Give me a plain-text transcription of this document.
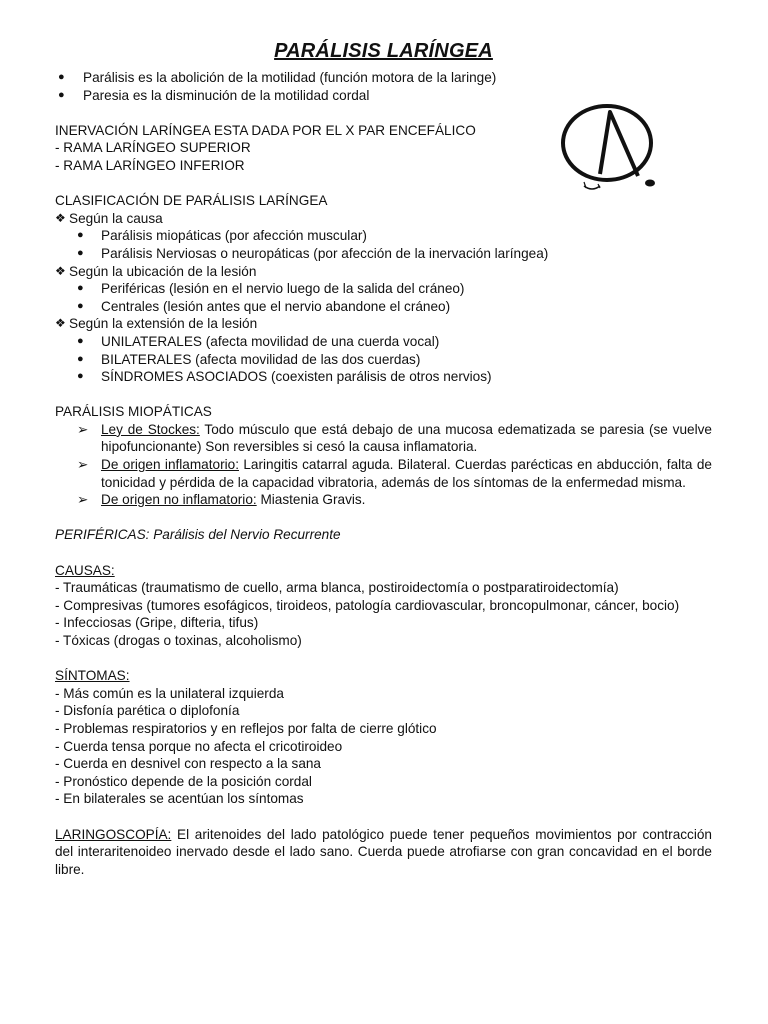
PARÁLISIS LARÍNGEA
● Parálisis es la abolición de la motilidad (función motora de la laringe)
● Paresia es la disminución de la motilidad cordal
INERVACIÓN LARÍNGEA ESTA DADA POR EL X PAR ENCEFÁLICO
- RAMA LARÍNGEO SUPERIOR
- RAMA LARÍNGEO INFERIOR
CLASIFICACIÓN DE PARÁLISIS LARÍNGEA
❖ Según la causa
● Parálisis miopáticas (por afección muscular)
● Parálisis Nerviosas o neuropáticas (por afección de la inervación laríngea)
❖ Según la ubicación de la lesión
● Periféricas (lesión en el nervio luego de la salida del cráneo)
● Centrales (lesión antes que el nervio abandone el cráneo)
❖ Según la extensión de la lesión
● UNILATERALES (afecta movilidad de una cuerda vocal)
● BILATERALES (afecta movilidad de las dos cuerdas)
● SÍNDROMES ASOCIADOS (coexisten parálisis de otros nervios)
PARÁLISIS MIOPÁTICAS
➢ Ley de Stockes: Todo músculo que está debajo de una mucosa edematizada se paresia (se vuelve hipofuncionante) Son reversibles si cesó la causa inflamatoria.
➢ De origen inflamatorio: Laringitis catarral aguda. Bilateral. Cuerdas parécticas en abducción, falta de tonicidad y pérdida de la capacidad vibratoria, además de los síntomas de la enfermedad misma.
➢ De origen no inflamatorio: Miastenia Gravis.
PERIFÉRICAS: Parálisis del Nervio Recurrente
CAUSAS:
- Traumáticas (traumatismo de cuello, arma blanca, postiroidectomía o postparatiroidectomía)
- Compresivas (tumores esofágicos, tiroideos, patología cardiovascular, broncopulmonar, cáncer, bocio)
- Infecciosas (Gripe, difteria, tifus)
- Tóxicas (drogas o toxinas, alcoholismo)
SÍNTOMAS:
- Más común es la unilateral izquierda
- Disfonía parética o diplofonía
- Problemas respiratorios y en reflejos por falta de cierre glótico
- Cuerda tensa porque no afecta el cricotiroideo
- Cuerda en desnivel con respecto a la sana
- Pronóstico depende de la posición cordal
- En bilaterales se acentúan los síntomas
LARINGOSCOPÍA: El aritenoides del lado patológico puede tener pequeños movimientos por contracción del interaritenoideo inervado desde el lado sano. Cuerda puede atrofiarse con gran concavidad en el borde libre.
